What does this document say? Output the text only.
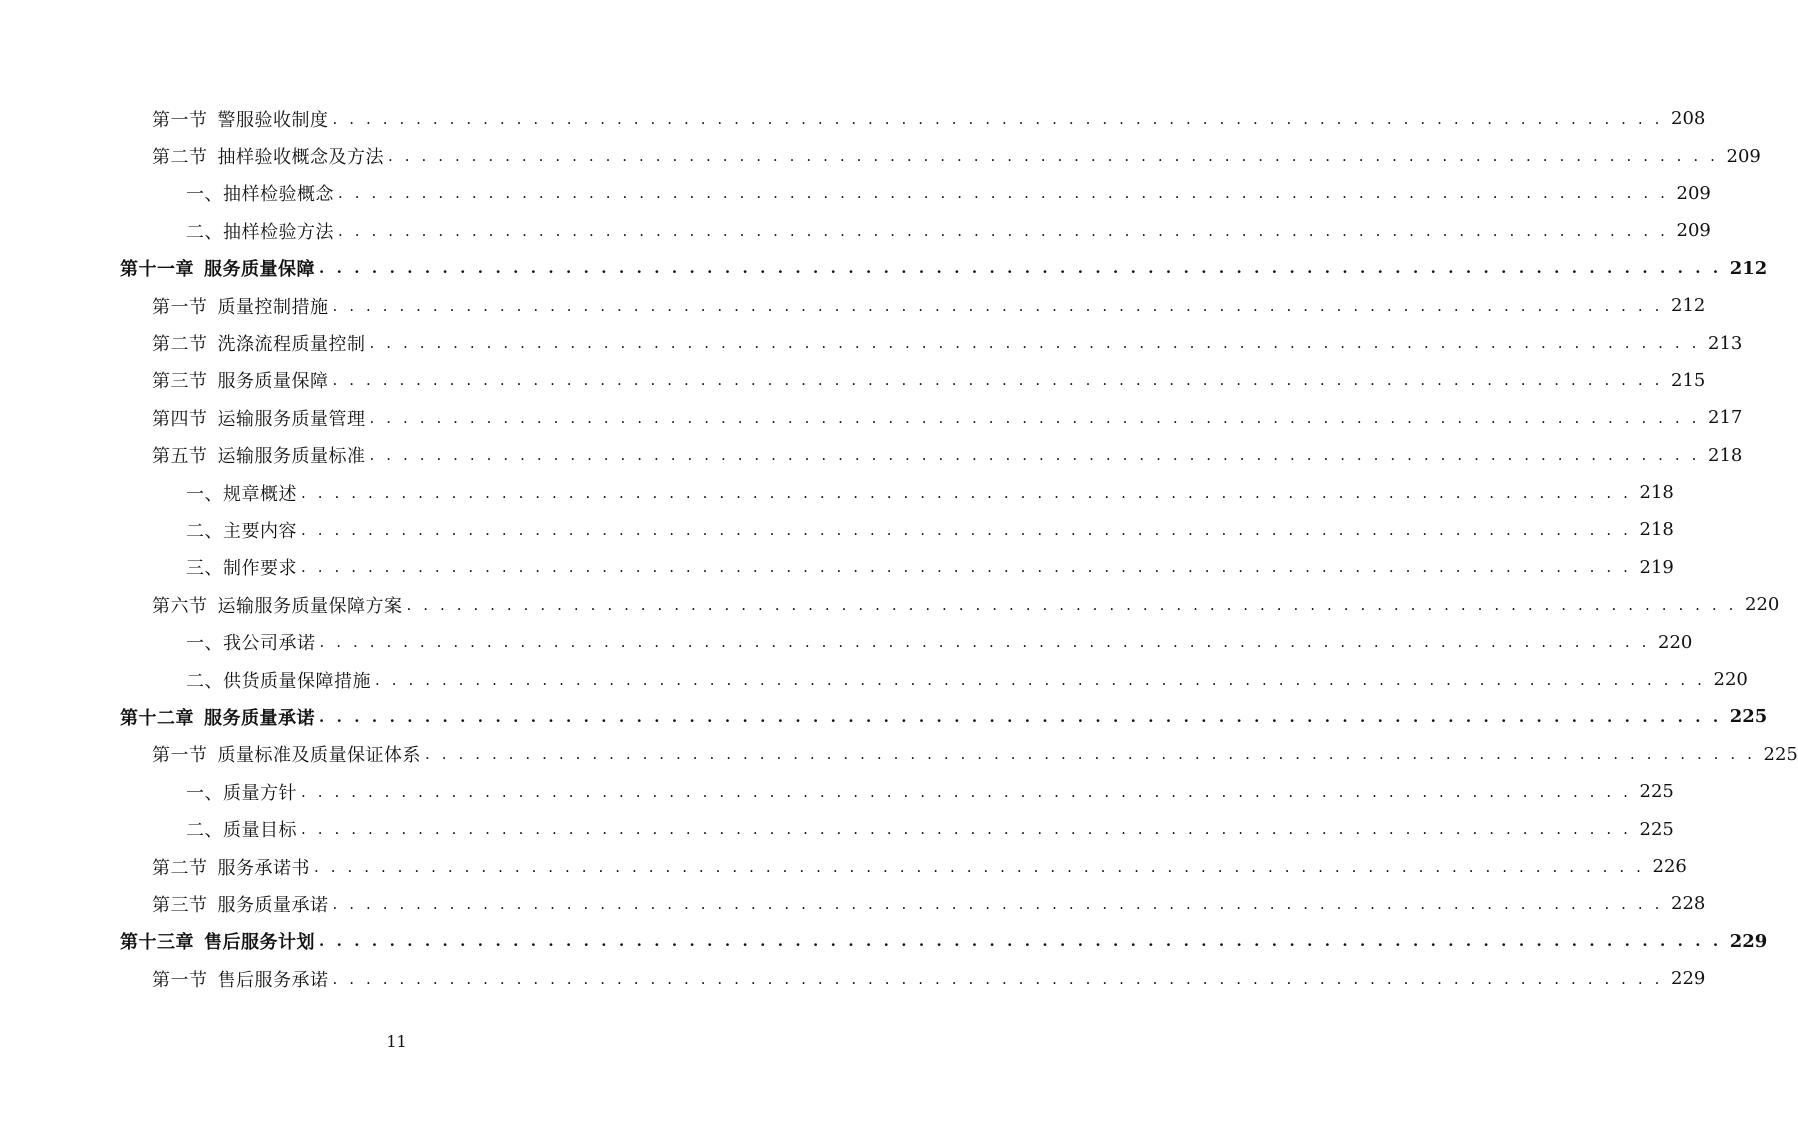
第一节 警服验收制度 . . . . . . . . . . . . . . . . . . . . . . . . . . . . . . . . . . . . . . . . . . . . . . . . . . . . . . . . . . . . . . . . . . . . . . . . . . . . . . . . 208
第二节 抽样验收概念及方法 . . . . . . . . . . . . . . . . . . . . . . . . . . . . . . . . . . . . . . . . . . . . . . . . . . . . . . . . . . . . . . . . . . . . . . . . . . . . . . . . 209
一、抽样检验概念 . . . . . . . . . . . . . . . . . . . . . . . . . . . . . . . . . . . . . . . . . . . . . . . . . . . . . . . . . . . . . . . . . . . . . . . . . . . . . . . . 209
二、抽样检验方法 . . . . . . . . . . . . . . . . . . . . . . . . . . . . . . . . . . . . . . . . . . . . . . . . . . . . . . . . . . . . . . . . . . . . . . . . . . . . . . . . 209
第十一章 服务质量保障 . . . . . . . . . . . . . . . . . . . . . . . . . . . . . . . . . . . . . . . . . . . . . . . . . . . . . . . . . . . . . . . . . . . . . . . . . . . . . . . . 212
第一节 质量控制措施 . . . . . . . . . . . . . . . . . . . . . . . . . . . . . . . . . . . . . . . . . . . . . . . . . . . . . . . . . . . . . . . . . . . . . . . . . . . . . . . . 212
第二节 洗涤流程质量控制 . . . . . . . . . . . . . . . . . . . . . . . . . . . . . . . . . . . . . . . . . . . . . . . . . . . . . . . . . . . . . . . . . . . . . . . . . . . . . . . . 213
第三节 服务质量保障 . . . . . . . . . . . . . . . . . . . . . . . . . . . . . . . . . . . . . . . . . . . . . . . . . . . . . . . . . . . . . . . . . . . . . . . . . . . . . . . . 215
第四节 运输服务质量管理 . . . . . . . . . . . . . . . . . . . . . . . . . . . . . . . . . . . . . . . . . . . . . . . . . . . . . . . . . . . . . . . . . . . . . . . . . . . . . . . . 217
第五节 运输服务质量标准 . . . . . . . . . . . . . . . . . . . . . . . . . . . . . . . . . . . . . . . . . . . . . . . . . . . . . . . . . . . . . . . . . . . . . . . . . . . . . . . . 218
一、规章概述 . . . . . . . . . . . . . . . . . . . . . . . . . . . . . . . . . . . . . . . . . . . . . . . . . . . . . . . . . . . . . . . . . . . . . . . . . . . . . . . . 218
二、主要内容 . . . . . . . . . . . . . . . . . . . . . . . . . . . . . . . . . . . . . . . . . . . . . . . . . . . . . . . . . . . . . . . . . . . . . . . . . . . . . . . . 218
三、制作要求 . . . . . . . . . . . . . . . . . . . . . . . . . . . . . . . . . . . . . . . . . . . . . . . . . . . . . . . . . . . . . . . . . . . . . . . . . . . . . . . . 219
第六节 运输服务质量保障方案 . . . . . . . . . . . . . . . . . . . . . . . . . . . . . . . . . . . . . . . . . . . . . . . . . . . . . . . . . . . . . . . . . . . . . . . . . . . . . . . . 220
一、我公司承诺 . . . . . . . . . . . . . . . . . . . . . . . . . . . . . . . . . . . . . . . . . . . . . . . . . . . . . . . . . . . . . . . . . . . . . . . . . . . . . . . . 220
二、供货质量保障措施 . . . . . . . . . . . . . . . . . . . . . . . . . . . . . . . . . . . . . . . . . . . . . . . . . . . . . . . . . . . . . . . . . . . . . . . . . . . . . . . . 220
第十二章 服务质量承诺 . . . . . . . . . . . . . . . . . . . . . . . . . . . . . . . . . . . . . . . . . . . . . . . . . . . . . . . . . . . . . . . . . . . . . . . . . . . . . . . . 225
第一节 质量标准及质量保证体系 . . . . . . . . . . . . . . . . . . . . . . . . . . . . . . . . . . . . . . . . . . . . . . . . . . . . . . . . . . . . . . . . . . . . . . . . . . . . . . . . 225
一、质量方针 . . . . . . . . . . . . . . . . . . . . . . . . . . . . . . . . . . . . . . . . . . . . . . . . . . . . . . . . . . . . . . . . . . . . . . . . . . . . . . . . 225
二、质量目标 . . . . . . . . . . . . . . . . . . . . . . . . . . . . . . . . . . . . . . . . . . . . . . . . . . . . . . . . . . . . . . . . . . . . . . . . . . . . . . . . 225
第二节 服务承诺书 . . . . . . . . . . . . . . . . . . . . . . . . . . . . . . . . . . . . . . . . . . . . . . . . . . . . . . . . . . . . . . . . . . . . . . . . . . . . . . . . 226
第三节 服务质量承诺 . . . . . . . . . . . . . . . . . . . . . . . . . . . . . . . . . . . . . . . . . . . . . . . . . . . . . . . . . . . . . . . . . . . . . . . . . . . . . . . . 228
第十三章 售后服务计划 . . . . . . . . . . . . . . . . . . . . . . . . . . . . . . . . . . . . . . . . . . . . . . . . . . . . . . . . . . . . . . . . . . . . . . . . . . . . . . . . 229
第一节 售后服务承诺 . . . . . . . . . . . . . . . . . . . . . . . . . . . . . . . . . . . . . . . . . . . . . . . . . . . . . . . . . . . . . . . . . . . . . . . . . . . . . . . . 229
11
